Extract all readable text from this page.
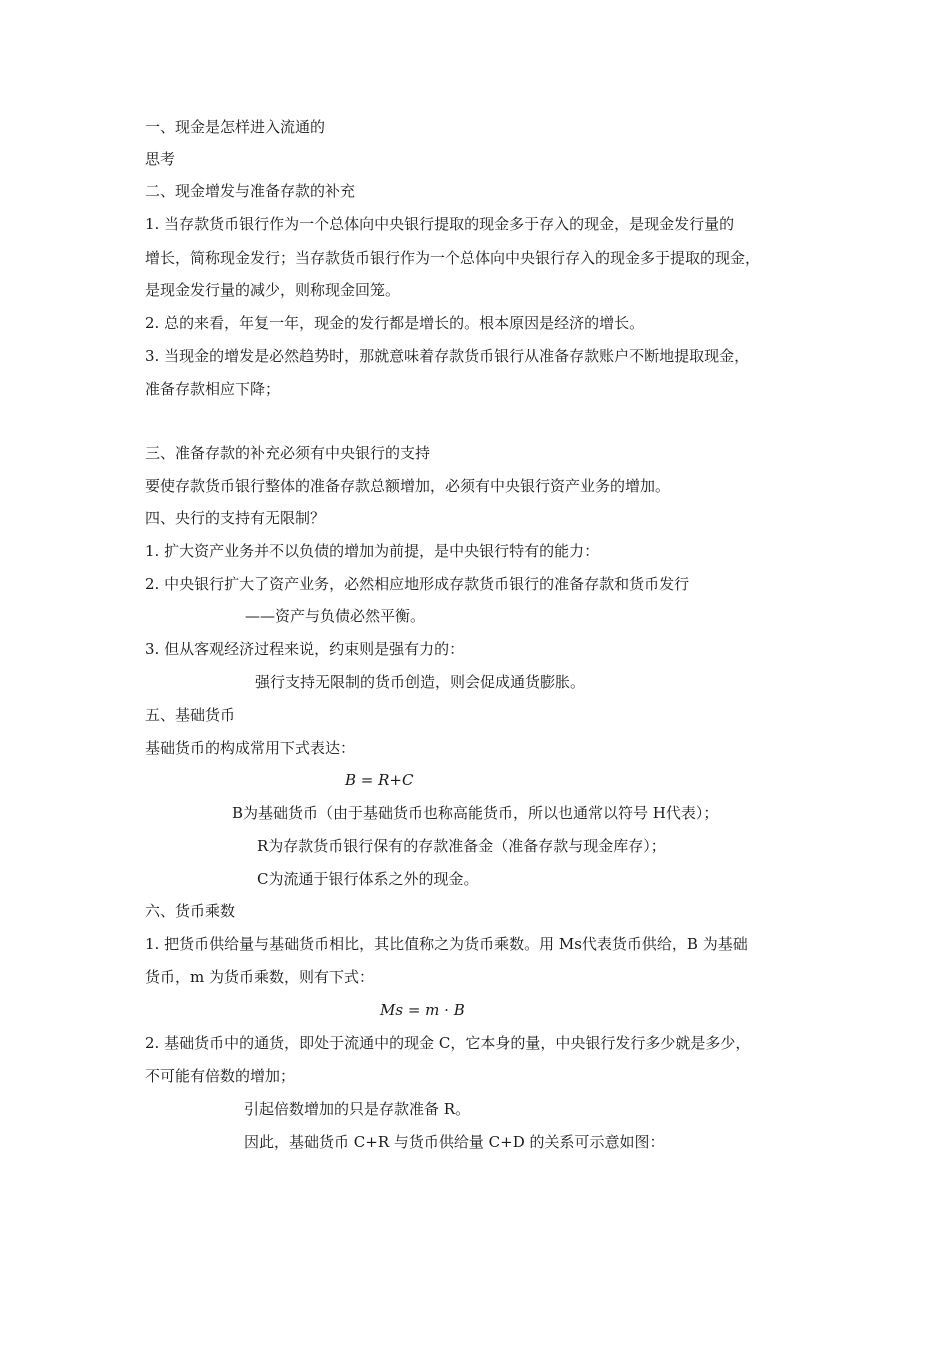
一、现金是怎样进入流通的
思考
二、现金增发与准备存款的补充
1. 当存款货币银行作为一个总体向中央银行提取的现金多于存入的现金，是现金发行量的
增长，简称现金发行；当存款货币银行作为一个总体向中央银行存入的现金多于提取的现金，
是现金发行量的减少，则称现金回笼。
2. 总的来看，年复一年，现金的发行都是增长的。根本原因是经济的增长。
3. 当现金的增发是必然趋势时，那就意味着存款货币银行从准备存款账户不断地提取现金，
准备存款相应下降；
三、准备存款的补充必须有中央银行的支持
要使存款货币银行整体的准备存款总额增加，必须有中央银行资产业务的增加。
四、央行的支持有无限制？
1. 扩大资产业务并不以负债的增加为前提，是中央银行特有的能力：
2. 中央银行扩大了资产业务，必然相应地形成存款货币银行的准备存款和货币发行
——资产与负债必然平衡。
3. 但从客观经济过程来说，约束则是强有力的：
强行支持无限制的货币创造，则会促成通货膨胀。
五、基础货币
基础货币的构成常用下式表达：
B = R+C
B为基础货币（由于基础货币也称高能货币，所以也通常以符号 H代表）；
R为存款货币银行保有的存款准备金（准备存款与现金库存）；
C为流通于银行体系之外的现金。
六、货币乘数
1. 把货币供给量与基础货币相比，其比值称之为货币乘数。用 Ms代表货币供给，B 为基础
货币，m 为货币乘数，则有下式：
Ms = m · B
2. 基础货币中的通货，即处于流通中的现金 C，它本身的量，中央银行发行多少就是多少，
不可能有倍数的增加；
引起倍数增加的只是存款准备 R。
因此，基础货币 C+R 与货币供给量 C+D 的关系可示意如图：
